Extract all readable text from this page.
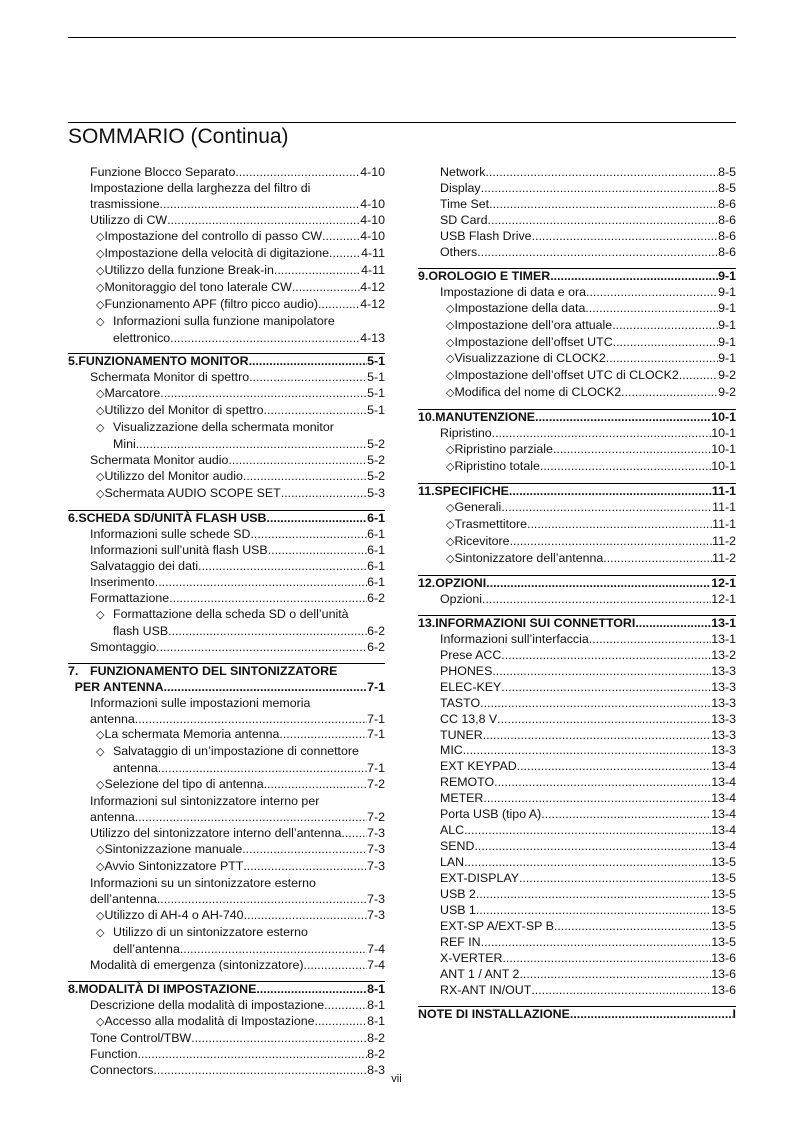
SOMMARIO (Continua)
Funzione Blocco Separato .....	4-10
Impostazione della larghezza del filtro di
trasmissione .....	4-10
Utilizzo di CW .....	4-10
◇ Impostazione del controllo di passo CW .....	4-10
◇ Impostazione della velocità di digitazione .....	4-11
◇ Utilizzo della funzione Break-in .....	4-11
◇ Monitoraggio del tono laterale CW .....	4-12
◇ Funzionamento APF (filtro picco audio) .....	4-12
◇ Informazioni sulla funzione manipolatore
elettronico .....	4-13
5. FUNZIONAMENTO MONITOR .....	5-1
Schermata Monitor di spettro .....	5-1
◇ Marcatore .....	5-1
◇ Utilizzo del Monitor di spettro .....	5-1
◇ Visualizzazione della schermata monitor
Mini .....	5-2
Schermata Monitor audio .....	5-2
◇ Utilizzo del Monitor audio .....	5-2
◇ Schermata AUDIO SCOPE SET .....	5-3
6. SCHEDA SD/UNITÀ FLASH USB .....	6-1
Informazioni sulle schede SD .....	6-1
Informazioni sull’unità flash USB .....	6-1
Salvataggio dei dati .....	6-1
Inserimento .....	6-1
Formattazione .....	6-2
◇ Formattazione della scheda SD o dell’unità
flash USB .....	6-2
Smontaggio .....	6-2
7. FUNZIONAMENTO DEL SINTONIZZATORE
PER ANTENNA .....	7-1
Informazioni sulle impostazioni memoria
antenna .....	7-1
◇ La schermata Memoria antenna .....	7-1
◇ Salvataggio di un’impostazione di connettore
antenna .....	7-1
◇ Selezione del tipo di antenna .....	7-2
Informazioni sul sintonizzatore interno per
antenna .....	7-2
Utilizzo del sintonizzatore interno dell’antenna ..... 7-3
◇ Sintonizzazione manuale .....	7-3
◇ Avvio Sintonizzatore PTT .....	7-3
Informazioni su un sintonizzatore esterno
dell’antenna .....	7-3
◇ Utilizzo di AH-4 o AH-740 .....	7-3
◇ Utilizzo di un sintonizzatore esterno
dell’antenna .....	7-4
Modalità di emergenza (sintonizzatore) .....	7-4
8. MODALITÀ DI IMPOSTAZIONE .....	8-1
Descrizione della modalità di impostazione .....	8-1
◇ Accesso alla modalità di Impostazione .....	8-1
Tone Control/TBW .....	8-2
Function .....	8-2
Connectors .....	8-3
Network .....	8-5
Display .....	8-5
Time Set .....	8-6
SD Card .....	8-6
USB Flash Drive .....	8-6
Others .....	8-6
9. OROLOGIO E TIMER .....	9-1
Impostazione di data e ora .....	9-1
◇ Impostazione della data .....	9-1
◇ Impostazione dell’ora attuale .....	9-1
◇ Impostazione dell’offset UTC .....	9-1
◇ Visualizzazione di CLOCK2 .....	9-1
◇ Impostazione dell’offset UTC di CLOCK2 .....	9-2
◇ Modifica del nome di CLOCK2 .....	9-2
10. MANUTENZIONE .....	10-1
Ripristino .....	10-1
◇ Ripristino parziale .....	10-1
◇ Ripristino totale .....	10-1
11. SPECIFICHE .....	11-1
◇ Generali .....	11-1
◇ Trasmettitore .....	11-1
◇ Ricevitore .....	11-2
◇ Sintonizzatore dell’antenna .....	11-2
12. OPZIONI .....	12-1
Opzioni .....	12-1
13. INFORMAZIONI SUI CONNETTORI .....	13-1
Informazioni sull’interfaccia .....	13-1
Prese ACC .....	13-2
PHONES .....	13-3
ELEC-KEY .....	13-3
TASTO .....	13-3
CC 13,8 V .....	13-3
TUNER .....	13-3
MIC .....	13-3
EXT KEYPAD .....	13-4
REMOTO .....	13-4
METER .....	13-4
Porta USB (tipo A) .....	13-4
ALC .....	13-4
SEND .....	13-4
LAN .....	13-5
EXT-DISPLAY .....	13-5
USB 2 .....	13-5
USB 1 .....	13-5
EXT-SP A/EXT-SP B .....	13-5
REF IN .....	13-5
X-VERTER .....	13-6
ANT 1 / ANT 2 .....	13-6
RX-ANT IN/OUT .....	13-6
NOTE DI INSTALLAZIONE .....	I
vii
